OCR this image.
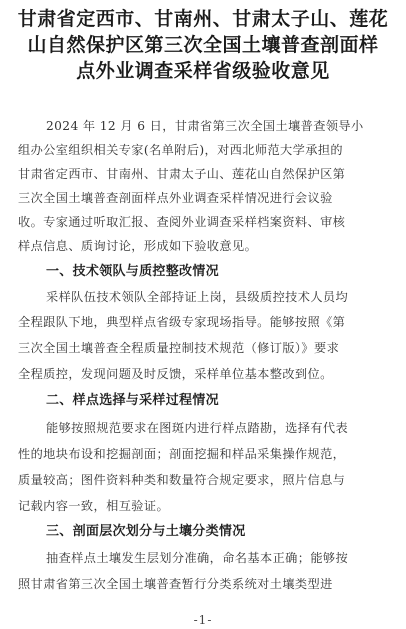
甘肃省定西市、甘南州、甘肃太子山、莲花
山自然保护区第三次全国土壤普查剖面样
点外业调查采样省级验收意见
2024 年 12 月 6 日，甘肃省第三次全国土壤普查领导小
组办公室组织相关专家(名单附后)，对西北师范大学承担的
甘肃省定西市、甘南州、甘肃太子山、莲花山自然保护区第
三次全国土壤普查剖面样点外业调查采样情况进行会议验
收。专家通过听取汇报、查阅外业调查采样档案资料、审核
样点信息、质询讨论，形成如下验收意见。
一、技术领队与质控整改情况
采样队伍技术领队全部持证上岗，县级质控技术人员均
全程跟队下地，典型样点省级专家现场指导。能够按照《第
三次全国土壤普查全程质量控制技术规范（修订版）》要求
全程质控，发现问题及时反馈，采样单位基本整改到位。
二、样点选择与采样过程情况
能够按照规范要求在图斑内进行样点踏勘，选择有代表
性的地块布设和挖掘剖面；剖面挖掘和样品采集操作规范，
质量较高；图件资料种类和数量符合规定要求，照片信息与
记载内容一致，相互验证。
三、剖面层次划分与土壤分类情况
抽查样点土壤发生层划分准确，命名基本正确；能够按
照甘肃省第三次全国土壤普查暂行分类系统对土壤类型进
-1-
